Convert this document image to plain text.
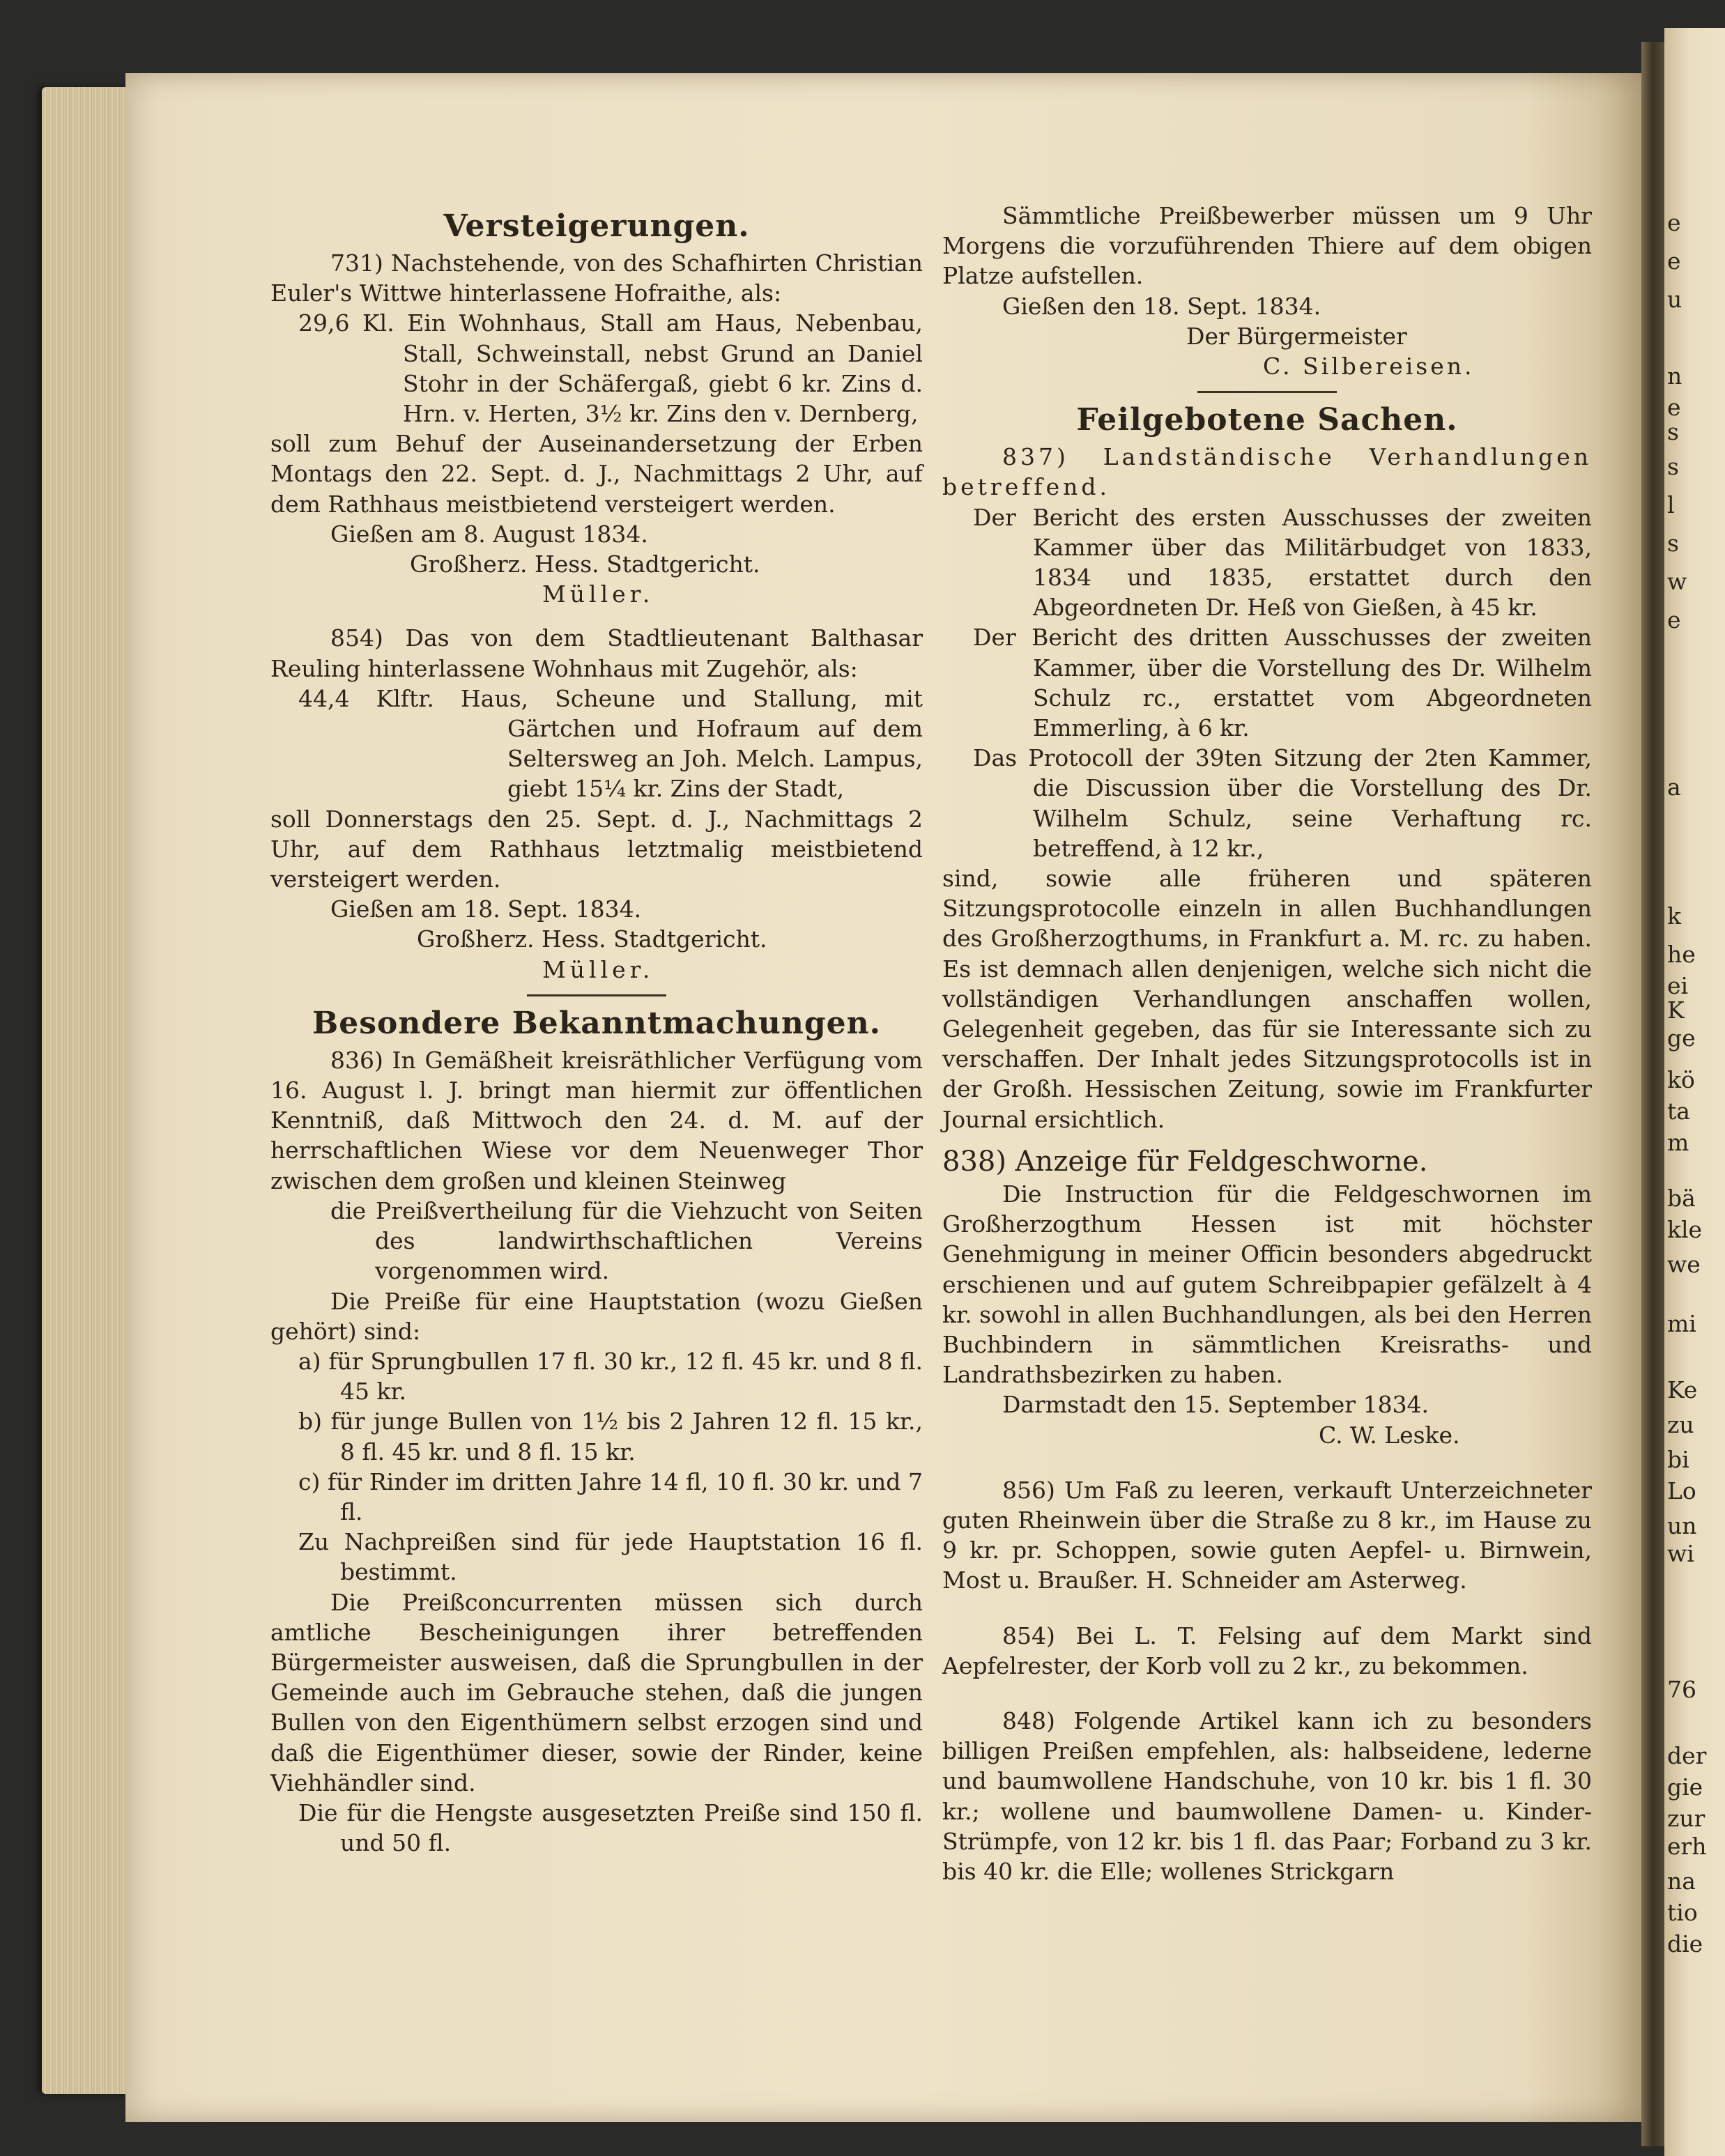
e
e
u
n
e
s
s
l
s
w
e
a
k
he
ei
K
ge
kö
ta
m
bä
kle
we
mi
Ke
zu
bi
Lo
un
wi
76
der
gie
zur
erh
na
tio
die
Versteigerungen.

731) Nachstehende, von des Schafhirten Christian Euler's Wittwe hinterlassene Hofraithe, als:

29,6 Kl. Ein Wohnhaus, Stall am Haus, Nebenbau, Stall, Schweinstall, nebst Grund an Daniel Stohr in der Schäfergaß, giebt 6 kr. Zins d. Hrn. v. Herten, 3½ kr. Zins den v. Dernberg,

soll zum Behuf der Auseinandersetzung der Erben Montags den 22. Sept. d. J., Nachmittags 2 Uhr, auf dem Rathhaus meistbietend versteigert werden.

Gießen am 8. August 1834.

Großherz. Hess. Stadtgericht.

Müller.

854) Das von dem Stadtlieutenant Balthasar Reuling hinterlassene Wohnhaus mit Zugehör, als:

44,4 Klftr. Haus, Scheune und Stallung, mit Gärtchen und Hofraum auf dem Seltersweg an Joh. Melch. Lampus, giebt 15¼ kr. Zins der Stadt,

soll Donnerstags den 25. Sept. d. J., Nachmittags 2 Uhr, auf dem Rathhaus letztmalig meistbietend versteigert werden.

Gießen am 18. Sept. 1834.

Großherz. Hess. Stadtgericht.

Müller.

Besondere Bekanntmachungen.

836) In Gemäßheit kreisräthlicher Verfügung vom 16. August l. J. bringt man hiermit zur öffentlichen Kenntniß, daß Mittwoch den 24. d. M. auf der herrschaftlichen Wiese vor dem Neuenweger Thor zwischen dem großen und kleinen Steinweg

die Preißvertheilung für die Viehzucht von Seiten des landwirthschaftlichen Vereins vorgenommen wird.

Die Preiße für eine Hauptstation (wozu Gießen gehört) sind:

a) für Sprungbullen 17 fl. 30 kr., 12 fl. 45 kr. und 8 fl. 45 kr.

b) für junge Bullen von 1½ bis 2 Jahren 12 fl. 15 kr., 8 fl. 45 kr. und 8 fl. 15 kr.

c) für Rinder im dritten Jahre 14 fl, 10 fl. 30 kr. und 7 fl.

Zu Nachpreißen sind für jede Hauptstation 16 fl. bestimmt.

Die Preißconcurrenten müssen sich durch amtliche Bescheinigungen ihrer betreffenden Bürgermeister ausweisen, daß die Sprungbullen in der Gemeinde auch im Gebrauche stehen, daß die jungen Bullen von den Eigenthümern selbst erzogen sind und daß die Eigenthümer dieser, sowie der Rinder, keine Viehhändler sind.

Die für die Hengste ausgesetzten Preiße sind 150 fl. und 50 fl.

Sämmtliche Preißbewerber müssen um 9 Uhr Morgens die vorzuführenden Thiere auf dem obigen Platze aufstellen.

Gießen den 18. Sept. 1834.

Der Bürgermeister

C. Silbereisen.

Feilgebotene Sachen.

837) Landständische Verhandlungen betreffend.

Der Bericht des ersten Ausschusses der zweiten Kammer über das Militärbudget von 1833, 1834 und 1835, erstattet durch den Abgeordneten Dr. Heß von Gießen, à 45 kr.

Der Bericht des dritten Ausschusses der zweiten Kammer, über die Vorstellung des Dr. Wilhelm Schulz rc., erstattet vom Abgeordneten Emmerling, à 6 kr.

Das Protocoll der 39ten Sitzung der 2ten Kammer, die Discussion über die Vorstellung des Dr. Wilhelm Schulz, seine Verhaftung rc. betreffend, à 12 kr.,

sind, sowie alle früheren und späteren Sitzungsprotocolle einzeln in allen Buchhandlungen des Großherzogthums, in Frankfurt a. M. rc. zu haben. Es ist demnach allen denjenigen, welche sich nicht die vollständigen Verhandlungen anschaffen wollen, Gelegenheit gegeben, das für sie Interessante sich zu verschaffen. Der Inhalt jedes Sitzungsprotocolls ist in der Großh. Hessischen Zeitung, sowie im Frankfurter Journal ersichtlich.

838) Anzeige für Feldgeschworne.

Die Instruction für die Feldgeschwornen im Großherzogthum Hessen ist mit höchster Genehmigung in meiner Officin besonders abgedruckt erschienen und auf gutem Schreibpapier gefälzelt à 4 kr. sowohl in allen Buchhandlungen, als bei den Herren Buchbindern in sämmtlichen Kreisraths- und Landrathsbezirken zu haben.

Darmstadt den 15. September 1834.

C. W. Leske.

856) Um Faß zu leeren, verkauft Unterzeichneter guten Rheinwein über die Straße zu 8 kr., im Hause zu 9 kr. pr. Schoppen, sowie guten Aepfel- u. Birnwein, Most u. Braußer. H. Schneider am Asterweg.

854) Bei L. T. Felsing auf dem Markt sind Aepfelrester, der Korb voll zu 2 kr., zu bekommen.

848) Folgende Artikel kann ich zu besonders billigen Preißen empfehlen, als: halbseidene, lederne und baumwollene Handschuhe, von 10 kr. bis 1 fl. 30 kr.; wollene und baumwollene Damen- u. Kinder-Strümpfe, von 12 kr. bis 1 fl. das Paar; Forband zu 3 kr. bis 40 kr. die Elle; wollenes Strickgarn
